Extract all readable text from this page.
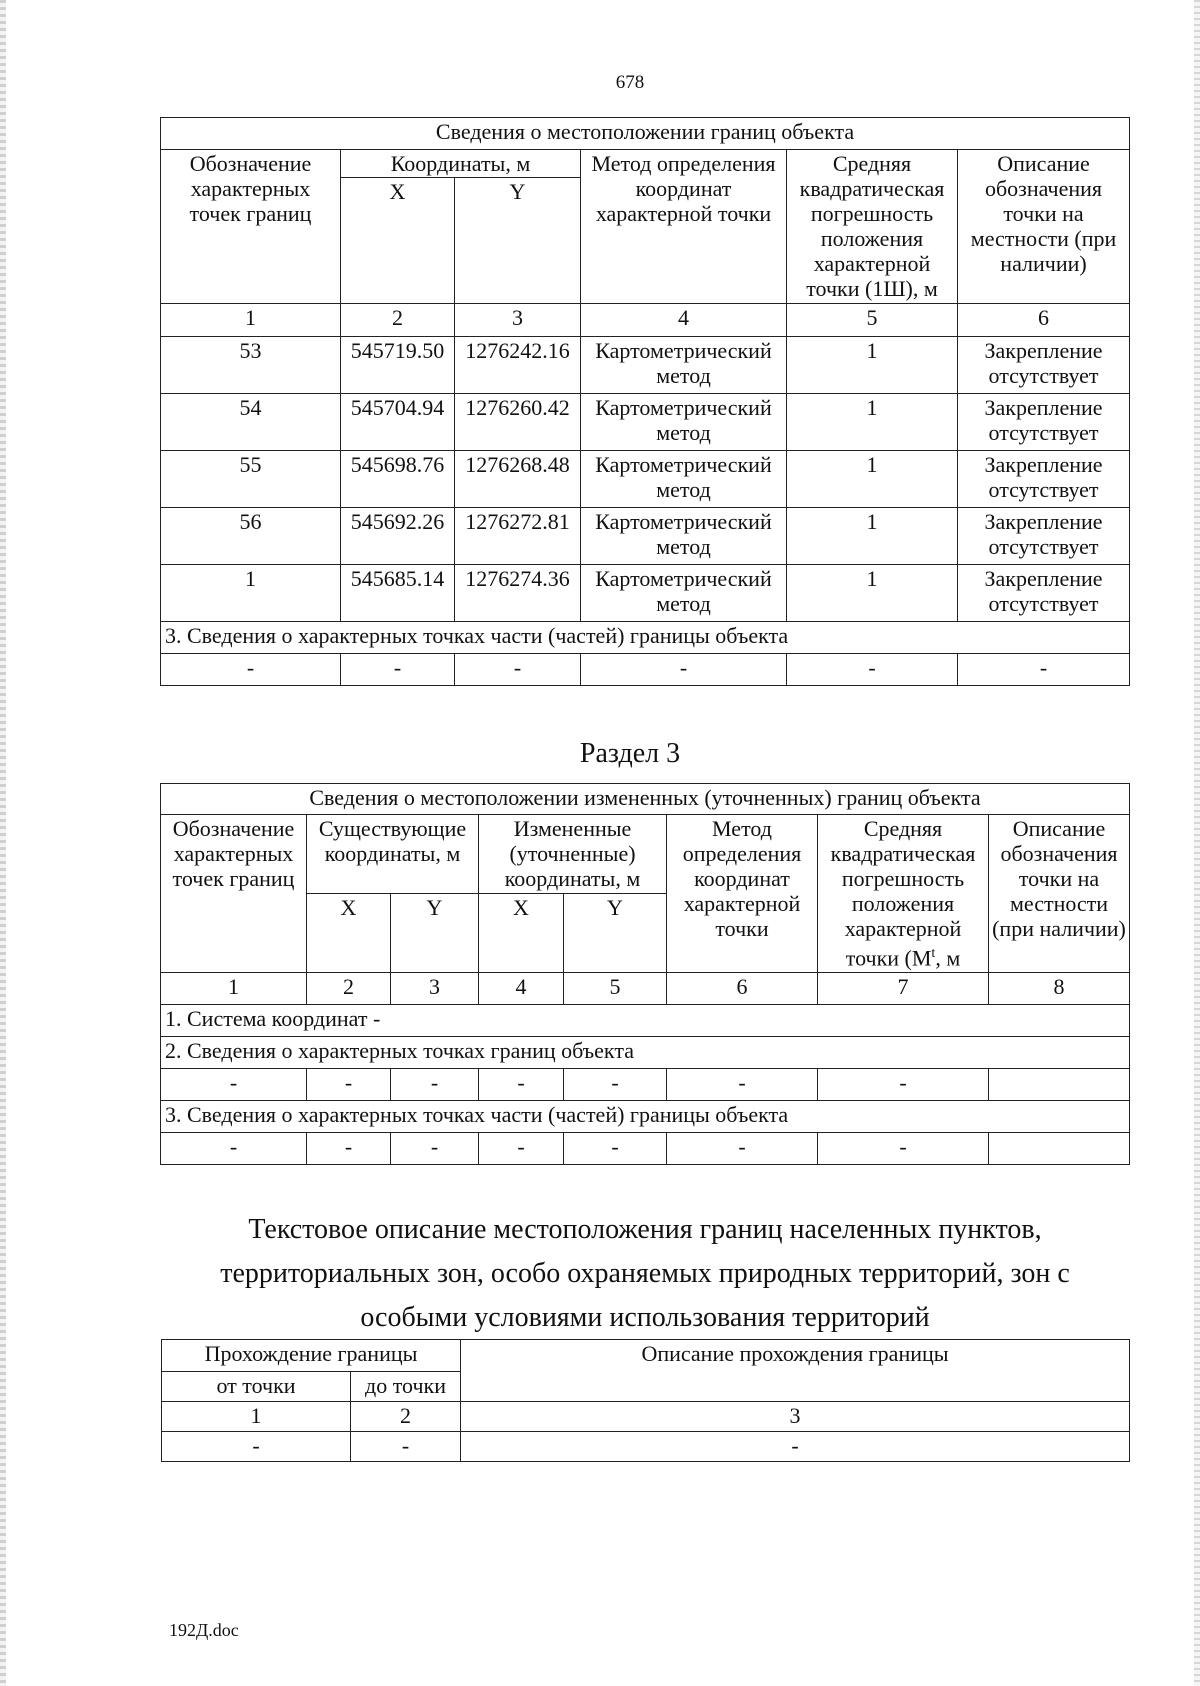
678
Сведения о местоположении границ объекта					
Обозначение характерных точек границ	Координаты, м		Метод определения координат характерной точки	Средняя квадратическая погрешность положения характерной точки (1Ш), м	Описание обозначения точки на местности (при наличии)
	X	Y			
1	2	3	4	5	6
53	545719.50	1276242.16	Картометрический метод	1	Закрепление отсутствует
54	545704.94	1276260.42	Картометрический метод	1	Закрепление отсутствует
55	545698.76	1276268.48	Картометрический метод	1	Закрепление отсутствует
56	545692.26	1276272.81	Картометрический метод	1	Закрепление отсутствует
1	545685.14	1276274.36	Картометрический метод	1	Закрепление отсутствует
3. Сведения о характерных точках части (частей) границы объекта					
-	-	-	-	-	-
Раздел 3
Сведения о местоположении измененных (уточненных) границ объекта							
Обозначение характерных точек границ	Существующие координаты, м		Измененные (уточненные) координаты, м		Метод определения координат характерной точки	Средняя квадратическая погрешность положения характерной точки ($М^t$, м	Описание обозначения точки на местности (при наличии)
	X	Y	X	Y			
1	2	3	4	5	6	7	8
1. Система координат -							
2. Сведения о характерных точках границ объекта							
-	-	-	-	-	-	-	
3. Сведения о характерных точках части (частей) границы объекта							
-	-	-	-	-	-	-	
Текстовое описание местоположения границ населенных пунктов, территориальных зон, особо охраняемых природных территорий, зон с особыми условиями использования территорий
Прохождение границы		Описание прохождения границы
от точки	до точки	
1	2	3
-	-	-
192Д.doc
